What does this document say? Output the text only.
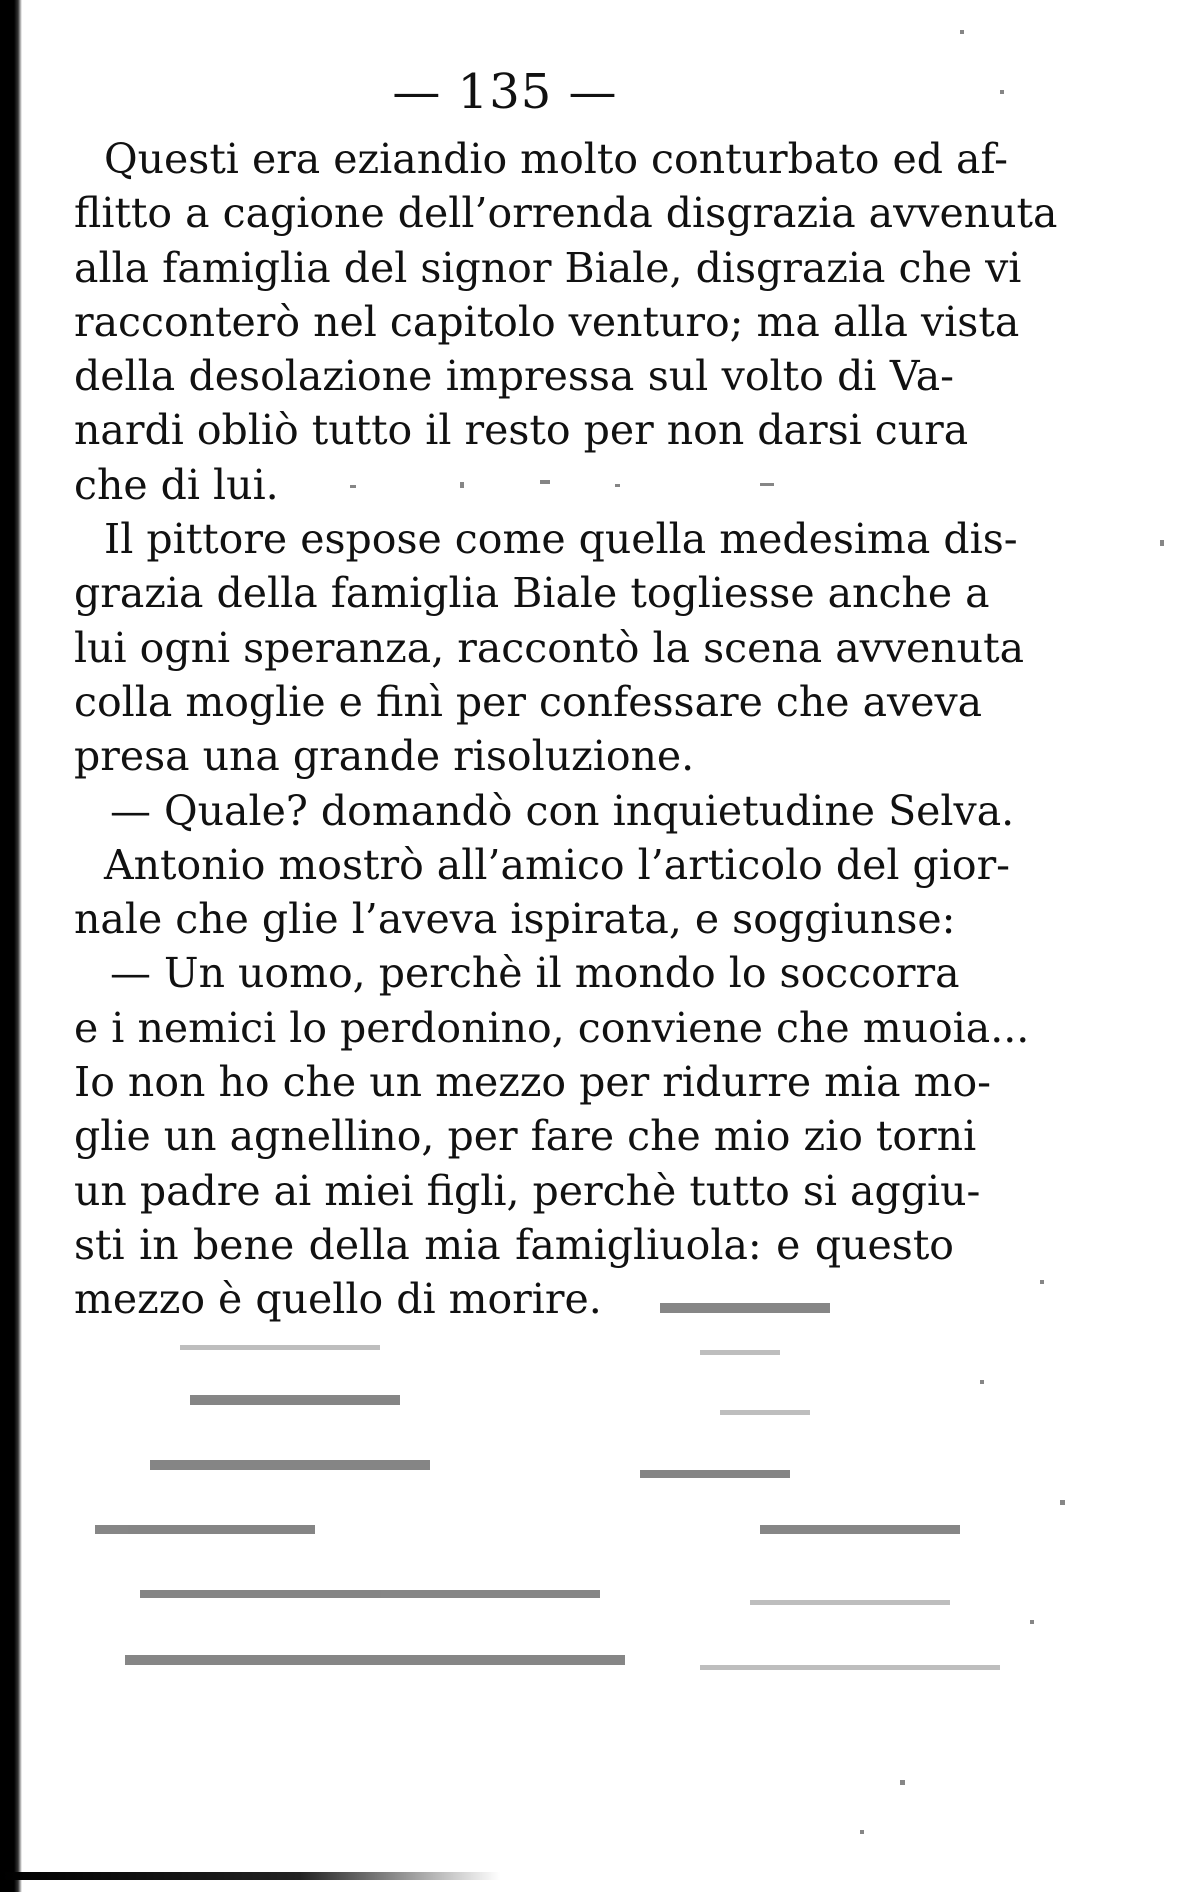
— 135 —
Questi era eziandio molto conturbato ed af-
flitto a cagione dell’orrenda disgrazia avvenuta
alla famiglia del signor Biale, disgrazia che vi
racconterò nel capitolo venturo; ma alla vista
della desolazione impressa sul volto di Va-
nardi obliò tutto il resto per non darsi cura
che di lui.
Il pittore espose come quella medesima dis-
grazia della famiglia Biale togliesse anche a
lui ogni speranza, raccontò la scena avvenuta
colla moglie e finì per confessare che aveva
presa una grande risoluzione.
— Quale? domandò con inquietudine Selva.
Antonio mostrò all’amico l’articolo del gior-
nale che glie l’aveva ispirata, e soggiunse:
— Un uomo, perchè il mondo lo soccorra
e i nemici lo perdonino, conviene che muoia...
Io non ho che un mezzo per ridurre mia mo-
glie un agnellino, per fare che mio zio torni
un padre ai miei figli, perchè tutto si aggiu-
sti in bene della mia famigliuola: e questo
mezzo è quello di morire.
